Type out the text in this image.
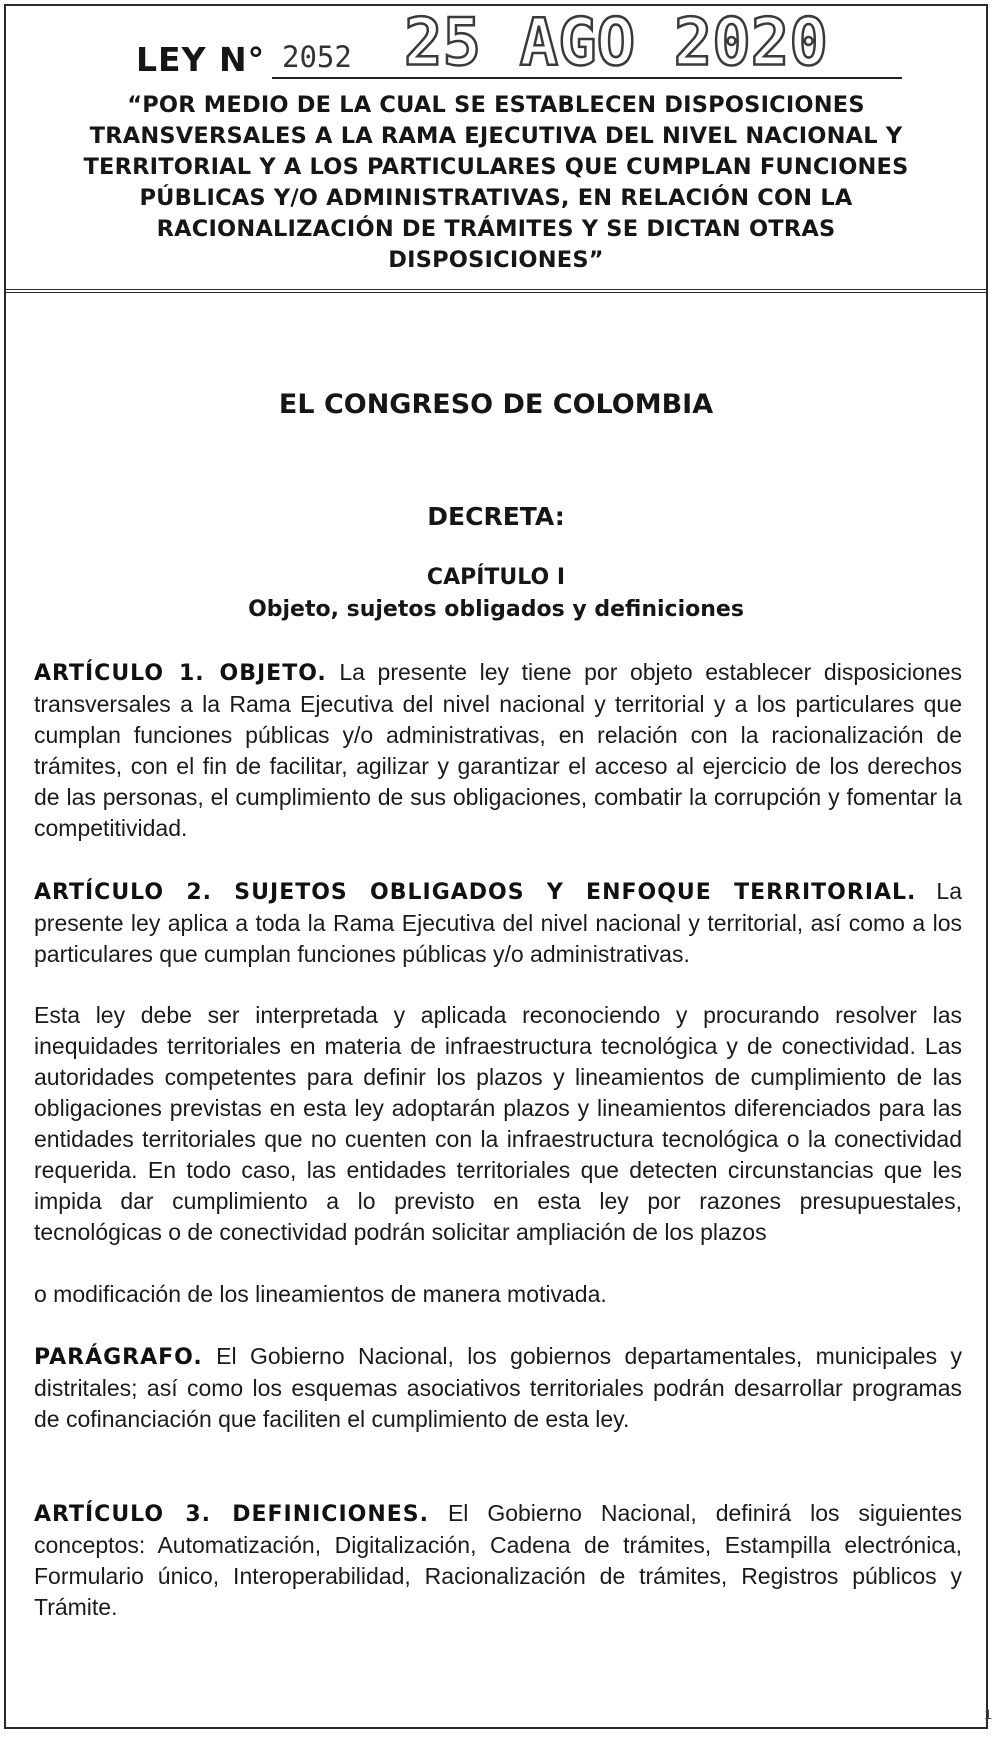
LEY N° 2052 25 AGO 2020
“POR MEDIO DE LA CUAL SE ESTABLECEN DISPOSICIONES TRANSVERSALES A LA RAMA EJECUTIVA DEL NIVEL NACIONAL Y TERRITORIAL Y A LOS PARTICULARES QUE CUMPLAN FUNCIONES PÚBLICAS Y/O ADMINISTRATIVAS, EN RELACIÓN CON LA RACIONALIZACIÓN DE TRÁMITES Y SE DICTAN OTRAS DISPOSICIONES”
EL CONGRESO DE COLOMBIA
DECRETA:
CAPÍTULO I
Objeto, sujetos obligados y definiciones
ARTÍCULO 1. OBJETO. La presente ley tiene por objeto establecer disposiciones transversales a la Rama Ejecutiva del nivel nacional y territorial y a los particulares que cumplan funciones públicas y/o administrativas, en relación con la racionalización de trámites, con el fin de facilitar, agilizar y garantizar el acceso al ejercicio de los derechos de las personas, el cumplimiento de sus obligaciones, combatir la corrupción y fomentar la competitividad.
ARTÍCULO 2. SUJETOS OBLIGADOS Y ENFOQUE TERRITORIAL. La presente ley aplica a toda la Rama Ejecutiva del nivel nacional y territorial, así como a los particulares que cumplan funciones públicas y/o administrativas.
Esta ley debe ser interpretada y aplicada reconociendo y procurando resolver las inequidades territoriales en materia de infraestructura tecnológica y de conectividad. Las autoridades competentes para definir los plazos y lineamientos de cumplimiento de las obligaciones previstas en esta ley adoptarán plazos y lineamientos diferenciados para las entidades territoriales que no cuenten con la infraestructura tecnológica o la conectividad requerida. En todo caso, las entidades territoriales que detecten circunstancias que les impida dar cumplimiento a lo previsto en esta ley por razones presupuestales, tecnológicas o de conectividad podrán solicitar ampliación de los plazos
o modificación de los lineamientos de manera motivada.
PARÁGRAFO. El Gobierno Nacional, los gobiernos departamentales, municipales y distritales; así como los esquemas asociativos territoriales podrán desarrollar programas de cofinanciación que faciliten el cumplimiento de esta ley.
ARTÍCULO 3. DEFINICIONES. El Gobierno Nacional, definirá los siguientes conceptos: Automatización, Digitalización, Cadena de trámites, Estampilla electrónica, Formulario único, Interoperabilidad, Racionalización de trámites, Registros públicos y Trámite.
1
